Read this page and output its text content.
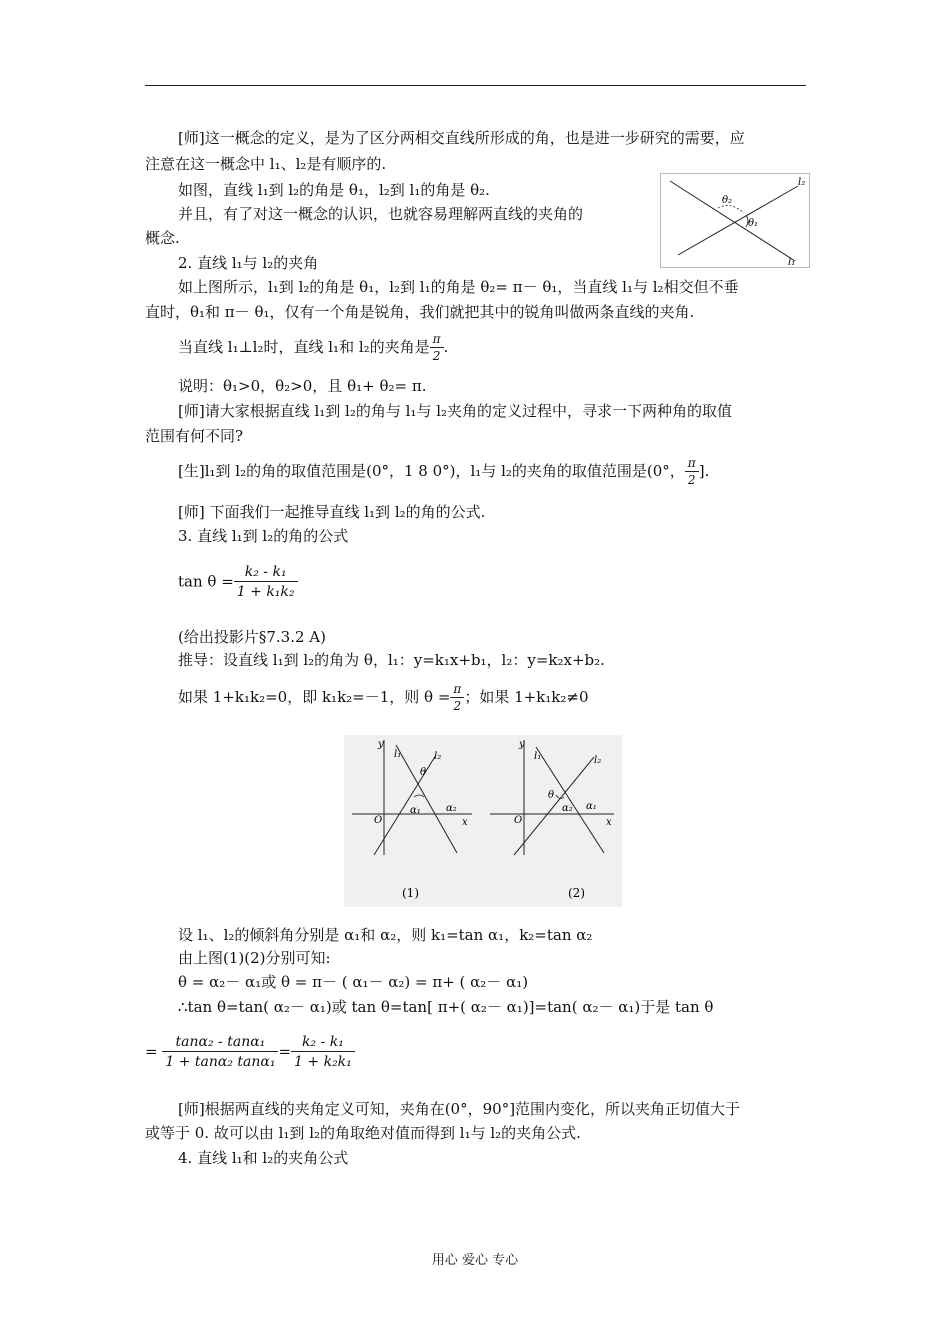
[师]这一概念的定义，是为了区分两相交直线所形成的角，也是进一步研究的需要，应
注意在这一概念中 l₁、l₂是有顺序的.
如图，直线 l₁到 l₂的角是 θ₁，l₂到 l₁的角是 θ₂.
并且，有了对这一概念的认识，也就容易理解两直线的夹角的
概念.
2. 直线 l₁与 l₂的夹角
θ₂
θ₁
l₂
l₁
如上图所示，l₁到 l₂的角是 θ₁，l₂到 l₁的角是 θ₂= π－ θ₁，当直线 l₁与 l₂相交但不垂
直时，θ₁和 π－ θ₁，仅有一个角是锐角，我们就把其中的锐角叫做两条直线的夹角.
当直线 l₁⊥l₂时，直线 l₁和 l₂的夹角是 $\frac{\pi}{2}$ .
说明：θ₁>0，θ₂>0，且 θ₁+ θ₂= π.
[师]请大家根据直线 l₁到 l₂的角与 l₁与 l₂夹角的定义过程中，寻求一下两种角的取值
范围有何不同?
[生]l₁到 l₂的角的取值范围是(0°，1 8 0°)，l₁与 l₂的夹角的取值范围是(0°， $\frac{\pi}{2}$ ].
[师] 下面我们一起推导直线 l₁到 l₂的角的公式.
3. 直线 l₁到 l₂的角的公式
$\tan \theta = \frac{\text{k₂ - k₁}}{\text{1 + k₁k₂}}$
(给出投影片§7.3.2 A)
推导：设直线 l₁到 l₂的角为 θ，l₁：y=k₁x+b₁，l₂：y=k₂x+b₂.
如果 1+k₁k₂=0，即 k₁k₂=－1，则 $\theta = \frac{\pi}{2}$ ；如果 1+k₁k₂≠0
y
x
O
l₁	l₂
θ
α₁	α₂
(1)
y
x
O
l₁	l₂
θ
α₂ α₁
(2)
设 l₁、l₂的倾斜角分别是 α₁和 α₂，则 k₁=tan α₁，k₂=tan α₂
由上图(1)(2)分别可知:
θ = α₂－ α₁或 θ = π－ ( α₁－ α₂) = π+ ( α₂－ α₁)
∴tan θ=tan( α₂－ α₁)或 tan θ=tan[ π+( α₂－ α₁)]=tan( α₂－ α₁)于是 tan θ
= $\frac{\text{tanα₂ - tanα₁}}{\text{1 + tanα₂ tanα₁}} = \frac{\text{k₂ - k₁}}{\text{1 + k₂k₁}}$
[师]根据两直线的夹角定义可知，夹角在(0°，90°]范围内变化，所以夹角正切值大于
或等于 0. 故可以由 l₁到 l₂的角取绝对值而得到 l₁与 l₂的夹角公式.
4. 直线 l₁和 l₂的夹角公式
用心 爱心 专心
